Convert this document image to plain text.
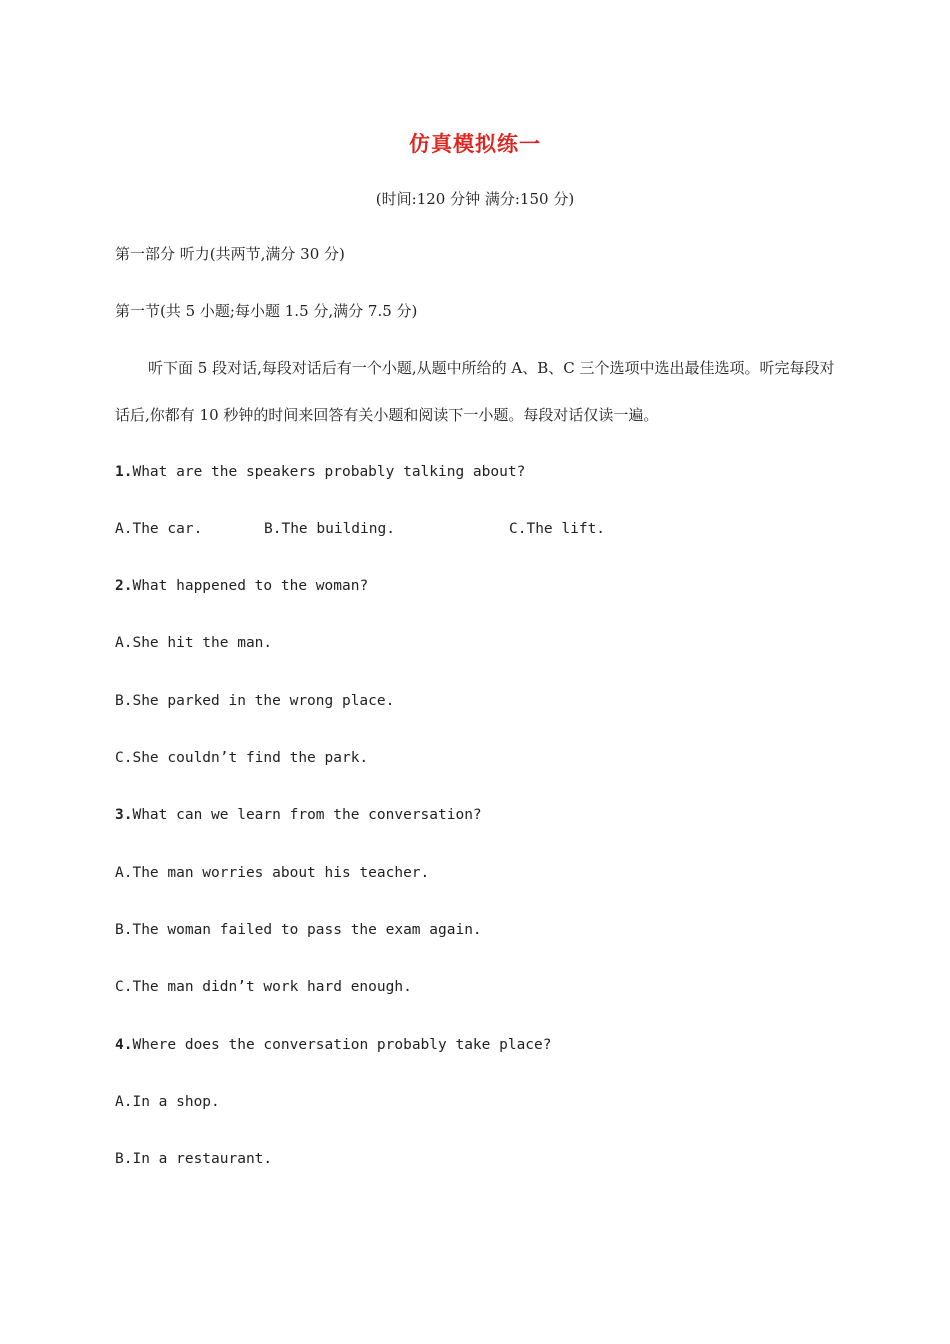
仿真模拟练一
(时间:120 分钟 满分:150 分)
第一部分 听力(共两节,满分 30 分)
第一节(共 5 小题;每小题 1.5 分,满分 7.5 分)
听下面 5 段对话,每段对话后有一个小题,从题中所给的 A、B、C 三个选项中选出最佳选项。听完每段对话后,你都有 10 秒钟的时间来回答有关小题和阅读下一小题。每段对话仅读一遍。
1.What are the speakers probably talking about?
A.The car.	B.The building.	C.The lift.
2.What happened to the woman?
A.She hit the man.
B.She parked in the wrong place.
C.She couldn’t find the park.
3.What can we learn from the conversation?
A.The man worries about his teacher.
B.The woman failed to pass the exam again.
C.The man didn’t work hard enough.
4.Where does the conversation probably take place?
A.In a shop.
B.In a restaurant.
